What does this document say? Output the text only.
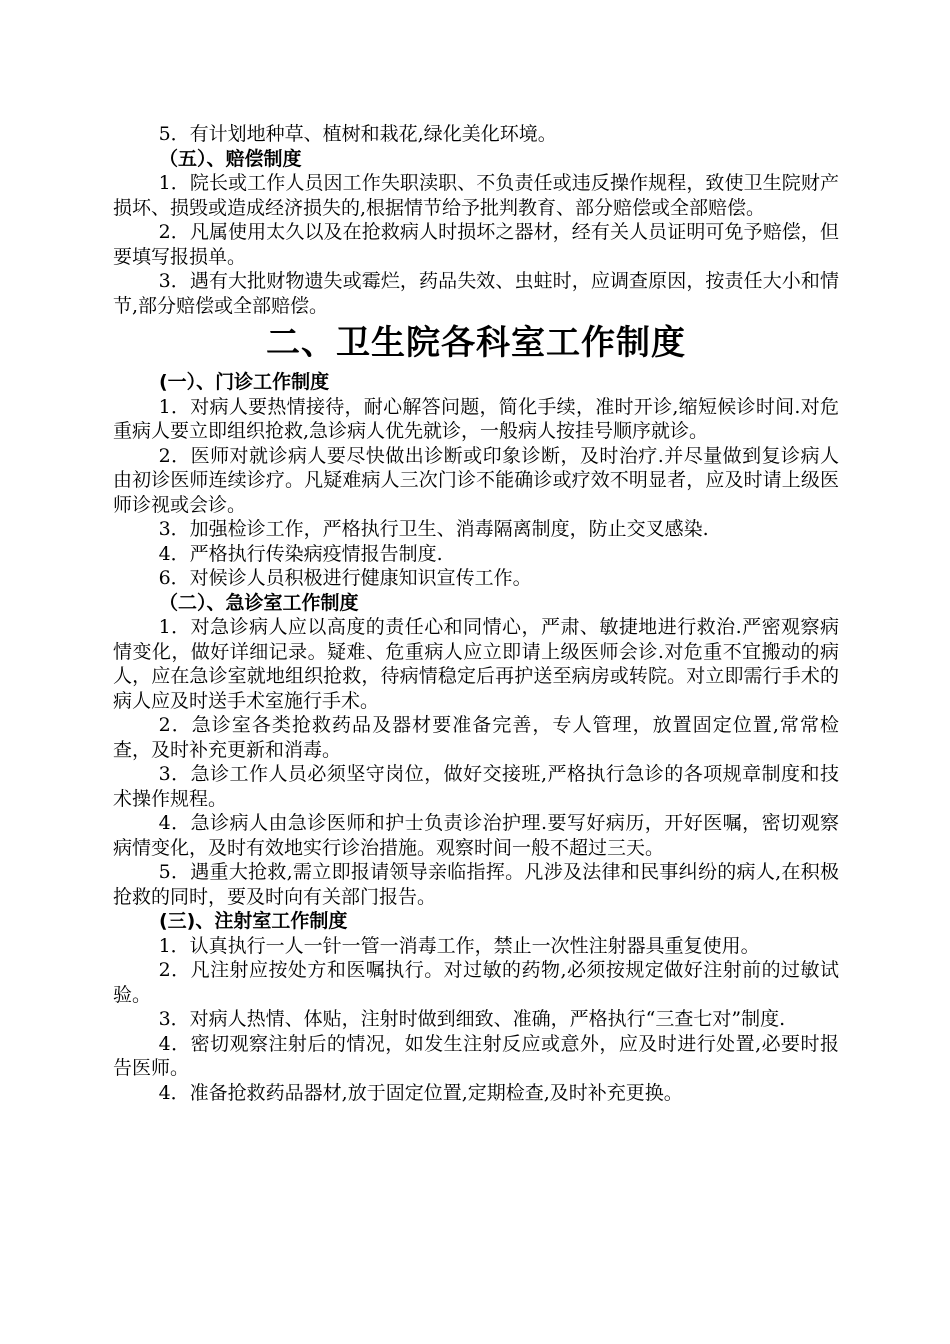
5．有计划地种草、植树和栽花,绿化美化环境。

（五）、赔偿制度

1．院长或工作人员因工作失职渎职、不负责任或违反操作规程，致使卫生院财产损坏、损毁或造成经济损失的,根据情节给予批判教育、部分赔偿或全部赔偿。

2．凡属使用太久以及在抢救病人时损坏之器材，经有关人员证明可免予赔偿，但要填写报损单。

3．遇有大批财物遗失或霉烂，药品失效、虫蛀时，应调查原因，按责任大小和情节,部分赔偿或全部赔偿。

二、卫生院各科室工作制度
(一）、门诊工作制度

1．对病人要热情接待，耐心解答问题，简化手续，准时开诊,缩短候诊时间.对危重病人要立即组织抢救,急诊病人优先就诊，一般病人按挂号顺序就诊。

2．医师对就诊病人要尽快做出诊断或印象诊断，及时治疗.并尽量做到复诊病人由初诊医师连续诊疗。凡疑难病人三次门诊不能确诊或疗效不明显者，应及时请上级医师诊视或会诊。

3．加强检诊工作，严格执行卫生、消毒隔离制度，防止交叉感染.

4．严格执行传染病疫情报告制度.

6．对候诊人员积极进行健康知识宣传工作。

（二）、急诊室工作制度

1．对急诊病人应以高度的责任心和同情心，严肃、敏捷地进行救治.严密观察病情变化，做好详细记录。疑难、危重病人应立即请上级医师会诊.对危重不宜搬动的病人，应在急诊室就地组织抢救，待病情稳定后再护送至病房或转院。对立即需行手术的病人应及时送手术室施行手术。

2．急诊室各类抢救药品及器材要准备完善，专人管理，放置固定位置,常常检查，及时补充更新和消毒。

3．急诊工作人员必须坚守岗位，做好交接班,严格执行急诊的各项规章制度和技术操作规程。

4．急诊病人由急诊医师和护士负责诊治护理.要写好病历，开好医嘱，密切观察病情变化，及时有效地实行诊治措施。观察时间一般不超过三天。

5．遇重大抢救,需立即报请领导亲临指挥。凡涉及法律和民事纠纷的病人,在积极抢救的同时，要及时向有关部门报告。

(三)、注射室工作制度

1．认真执行一人一针一管一消毒工作，禁止一次性注射器具重复使用。

2．凡注射应按处方和医嘱执行。对过敏的药物,必须按规定做好注射前的过敏试验。

3．对病人热情、体贴，注射时做到细致、准确，严格执行“三查七对”制度.

4．密切观察注射后的情况，如发生注射反应或意外，应及时进行处置,必要时报告医师。

4．准备抢救药品器材,放于固定位置,定期检查,及时补充更换。
